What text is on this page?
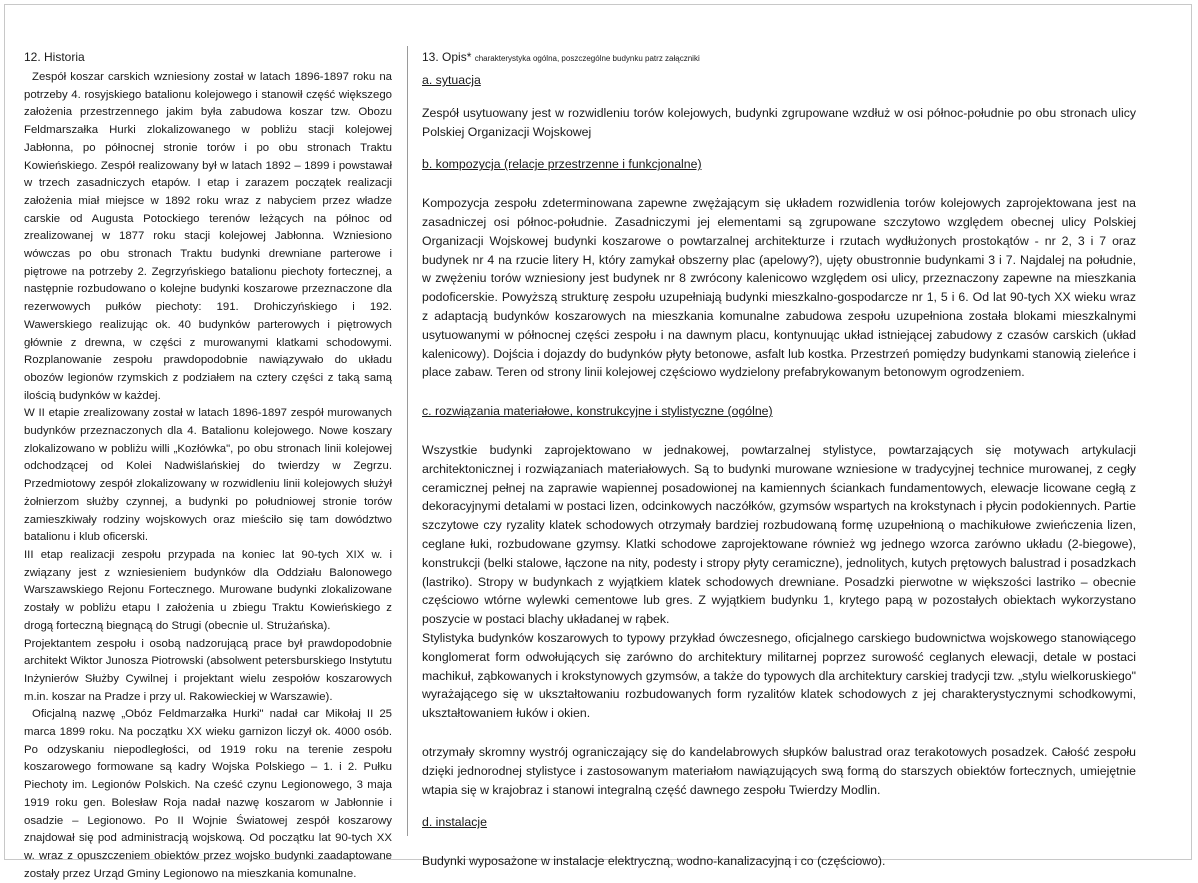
12. Historia

Zespół koszar carskich wzniesiony został w latach 1896-1897 roku na potrzeby 4. rosyjskiego batalionu kolejowego i stanowił część większego założenia przestrzennego jakim była zabudowa koszar tzw. Obozu Feldmarszałka Hurki zlokalizowanego w pobliżu stacji kolejowej Jabłonna, po północnej stronie torów i po obu stronach Traktu Kowieńskiego. Zespół realizowany był w latach 1892 – 1899 i powstawał w trzech zasadniczych etapów. I etap i zarazem początek realizacji założenia miał miejsce w 1892 roku wraz z nabyciem przez władze carskie od Augusta Potockiego terenów leżących na północ od zrealizowanej w 1877 roku stacji kolejowej Jabłonna. Wzniesiono wówczas po obu stronach Traktu budynki drewniane parterowe i piętrowe na potrzeby 2. Zegrzyńskiego batalionu piechoty fortecznej, a następnie rozbudowano o kolejne budynki koszarowe przeznaczone dla rezerwowych pułków piechoty: 191. Drohiczyńskiego i 192. Wawerskiego realizując ok. 40 budynków parterowych i piętrowych głównie z drewna, w części z murowanymi klatkami schodowymi. Rozplanowanie zespołu prawdopodobnie nawiązywało do układu obozów legionów rzymskich z podziałem na cztery części z taką samą ilością budynków w każdej.

W II etapie zrealizowany został w latach 1896-1897 zespół murowanych budynków przeznaczonych dla 4. Batalionu kolejowego. Nowe koszary zlokalizowano w pobliżu willi „Kozłówka", po obu stronach linii kolejowej odchodzącej od Kolei Nadwiślańskiej do twierdzy w Zegrzu. Przedmiotowy zespół zlokalizowany w rozwidleniu linii kolejowych służył żołnierzom służby czynnej, a budynki po południowej stronie torów zamieszkiwały rodziny wojskowych oraz mieściło się tam dowództwo batalionu i klub oficerski.

III etap realizacji zespołu przypada na koniec lat 90-tych XIX w. i związany jest z wzniesieniem budynków dla Oddziału Balonowego Warszawskiego Rejonu Fortecznego. Murowane budynki zlokalizowane zostały w pobliżu etapu I założenia u zbiegu Traktu Kowieńskiego z drogą forteczną biegnącą do Strugi (obecnie ul. Strużańska).

Projektantem zespołu i osobą nadzorującą prace był prawdopodobnie architekt Wiktor Junosza Piotrowski (absolwent petersburskiego Instytutu Inżynierów Służby Cywilnej i projektant wielu zespołów koszarowych m.in. koszar na Pradze i przy ul. Rakowieckiej w Warszawie).

Oficjalną nazwę „Obóz Feldmarzałka Hurki" nadał car Mikołaj II 25 marca 1899 roku. Na początku XX wieku garnizon liczył ok. 4000 osób. Po odzyskaniu niepodległości, od 1919 roku na terenie zespołu koszarowego formowane są kadry Wojska Polskiego – 1. i 2. Pułku Piechoty im. Legionów Polskich. Na cześć czynu Legionowego, 3 maja 1919 roku gen. Bolesław Roja nadał nazwę koszarom w Jabłonnie i osadzie – Legionowo. Po II Wojnie Światowej zespół koszarowy znajdował się pod administracją wojskową. Od początku lat 90-tych XX w. wraz z opuszczeniem obiektów przez wojsko budynki zaadaptowane zostały przez Urząd Gminy Legionowo na mieszkania komunalne.

13. Opis* charakterystyka ogólna, poszczególne budynku patrz załączniki
a. sytuacja

Zespół usytuowany jest w rozwidleniu torów kolejowych, budynki zgrupowane wzdłuż w osi północ-południe po obu stronach ulicy Polskiej Organizacji Wojskowej

b. kompozycja (relacje przestrzenne i funkcjonalne)

Kompozycja zespołu zdeterminowana zapewne zwężającym się układem rozwidlenia torów kolejowych zaprojektowana jest na zasadniczej osi północ-południe. Zasadniczymi jej elementami są zgrupowane szczytowo względem obecnej ulicy Polskiej Organizacji Wojskowej budynki koszarowe o powtarzalnej architekturze i rzutach wydłużonych prostokątów - nr 2, 3 i 7 oraz budynek nr 4 na rzucie litery H, który zamykał obszerny plac (apelowy?), ujęty obustronnie budynkami 3 i 7. Najdalej na południe, w zwężeniu torów wzniesiony jest budynek nr 8 zwrócony kalenicowo względem osi ulicy, przeznaczony zapewne na mieszkania podoficerskie. Powyższą strukturę zespołu uzupełniają budynki mieszkalno-gospodarcze nr 1, 5 i 6. Od lat 90-tych XX wieku wraz z adaptacją budynków koszarowych na mieszkania komunalne zabudowa zespołu uzupełniona została blokami mieszkalnymi usytuowanymi w północnej części zespołu i na dawnym placu, kontynuując układ istniejącej zabudowy z czasów carskich (układ kalenicowy). Dojścia i dojazdy do budynków płyty betonowe, asfalt lub kostka. Przestrzeń pomiędzy budynkami stanowią zieleńce i place zabaw. Teren od strony linii kolejowej częściowo wydzielony prefabrykowanym betonowym ogrodzeniem.

c. rozwiązania materiałowe, konstrukcyjne i stylistyczne (ogólne)

Wszystkie budynki zaprojektowano w jednakowej, powtarzalnej stylistyce, powtarzających się motywach artykulacji architektonicznej i rozwiązaniach materiałowych. Są to budynki murowane wzniesione w tradycyjnej technice murowanej, z cegły ceramicznej pełnej na zaprawie wapiennej posadowionej na kamiennych ściankach fundamentowych, elewacje licowane cegłą z dekoracyjnymi detalami w postaci lizen, odcinkowych naczółków, gzymsów wspartych na krokstynach i płycin podokiennych. Partie szczytowe czy ryzality klatek schodowych otrzymały bardziej rozbudowaną formę uzupełnioną o machikułowe zwieńczenia lizen, ceglane łuki, rozbudowane gzymsy. Klatki schodowe zaprojektowane również wg jednego wzorca zarówno układu (2-biegowe), konstrukcji (belki stalowe, łączone na nity, podesty i stropy płyty ceramiczne), jednolitych, kutych prętowych balustrad i posadzkach (lastriko). Stropy w budynkach z wyjątkiem klatek schodowych drewniane. Posadzki pierwotne w większości lastriko – obecnie częściowo wtórne wylewki cementowe lub gres. Z wyjątkiem budynku 1, krytego papą w pozostałych obiektach wykorzystano poszycie w postaci blachy układanej w rąbek.

Stylistyka budynków koszarowych to typowy przykład ówczesnego, oficjalnego carskiego budownictwa wojskowego stanowiącego konglomerat form odwołujących się zarówno do architektury militarnej poprzez surowość ceglanych elewacji, detale w postaci machikuł, ząbkowanych i krokstynowych gzymsów, a także do typowych dla architektury carskiej tradycji tzw. „stylu wielkoruskiego" wyrażającego się w ukształtowaniu rozbudowanych form ryzalitów klatek schodowych z jej charakterystycznymi schodkowymi, ukształtowaniem łuków i okien.

otrzymały skromny wystrój ograniczający się do kandelabrowych słupków balustrad oraz terakotowych posadzek. Całość zespołu dzięki jednorodnej stylistyce i zastosowanym materiałom nawiązujących swą formą do starszych obiektów fortecznych, umiejętnie wtapia się w krajobraz i stanowi integralną część dawnego zespołu Twierdzy Modlin.

d. instalacje

Budynki wyposażone w instalacje elektryczną, wodno-kanalizacyjną i co (częściowo).
